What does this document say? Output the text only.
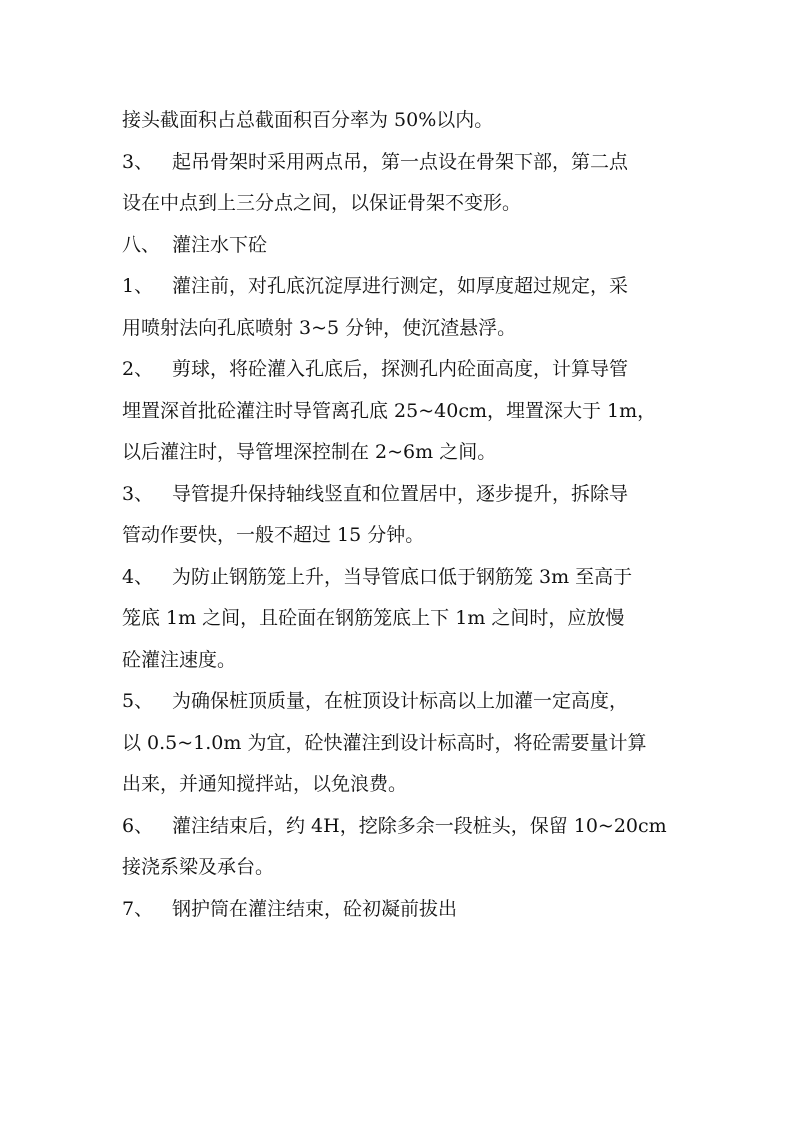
接头截面积占总截面积百分率为 50%以内。
3、 起吊骨架时采用两点吊，第一点设在骨架下部，第二点
设在中点到上三分点之间，以保证骨架不变形。
八、 灌注水下砼
1、 灌注前，对孔底沉淀厚进行测定，如厚度超过规定，采
用喷射法向孔底喷射 3~5 分钟，使沉渣悬浮。
2、 剪球，将砼灌入孔底后，探测孔内砼面高度，计算导管
埋置深首批砼灌注时导管离孔底 25~40cm，埋置深大于 1m，
以后灌注时，导管埋深控制在 2~6m 之间。
3、 导管提升保持轴线竖直和位置居中，逐步提升，拆除导
管动作要快，一般不超过 15 分钟。
4、 为防止钢筋笼上升，当导管底口低于钢筋笼 3m 至高于
笼底 1m 之间，且砼面在钢筋笼底上下 1m 之间时，应放慢
砼灌注速度。
5、 为确保桩顶质量，在桩顶设计标高以上加灌一定高度，
以 0.5~1.0m 为宜，砼快灌注到设计标高时，将砼需要量计算
出来，并通知搅拌站，以免浪费。
6、 灌注结束后，约 4H，挖除多余一段桩头，保留 10~20cm
接浇系梁及承台。
7、 钢护筒在灌注结束，砼初凝前拔出
